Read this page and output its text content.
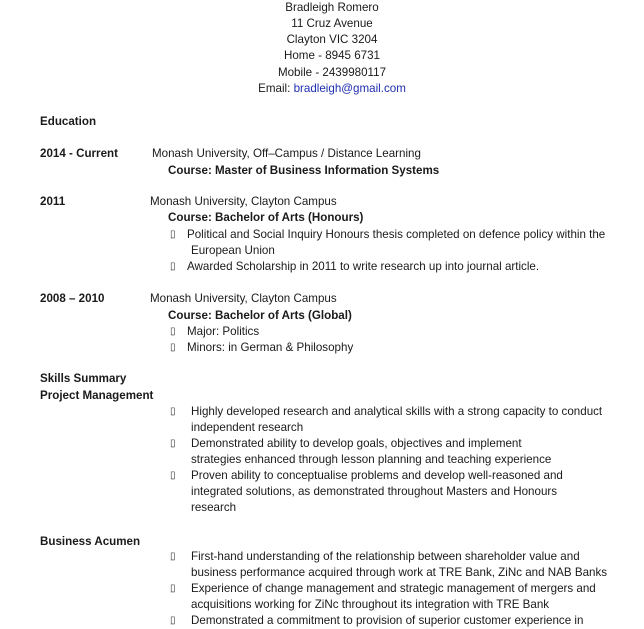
Bradleigh Romero
11 Cruz Avenue
Clayton VIC 3204
Home - 8945 6731
Mobile - 2439980117
Email: bradleigh@gmail.com
Education
2014 - Current	Monash University, Off–Campus / Distance Learning
Course: Master of Business Information Systems
2011	Monash University, Clayton Campus
Course: Bachelor of Arts (Honours)
▯ Political and Social Inquiry Honours thesis completed on defence policy within the
European Union
▯ Awarded Scholarship in 2011 to write research up into journal article.
2008 – 2010	Monash University, Clayton Campus
Course: Bachelor of Arts (Global)
▯ Major: Politics
▯ Minors: in German & Philosophy
Skills Summary
Project Management
▯ Highly developed research and analytical skills with a strong capacity to conduct
independent research
▯ Demonstrated ability to develop goals, objectives and implement
strategies enhanced through lesson planning and teaching experience
▯ Proven ability to conceptualise problems and develop well-reasoned and
integrated solutions, as demonstrated throughout Masters and Honours
research
Business Acumen
▯ First-hand understanding of the relationship between shareholder value and
business performance acquired through work at TRE Bank, ZiNc and NAB Banks
▯ Experience of change management and strategic management of mergers and
acquisitions working for ZiNc throughout its integration with TRE Bank
▯ Demonstrated a commitment to provision of superior customer experience in
